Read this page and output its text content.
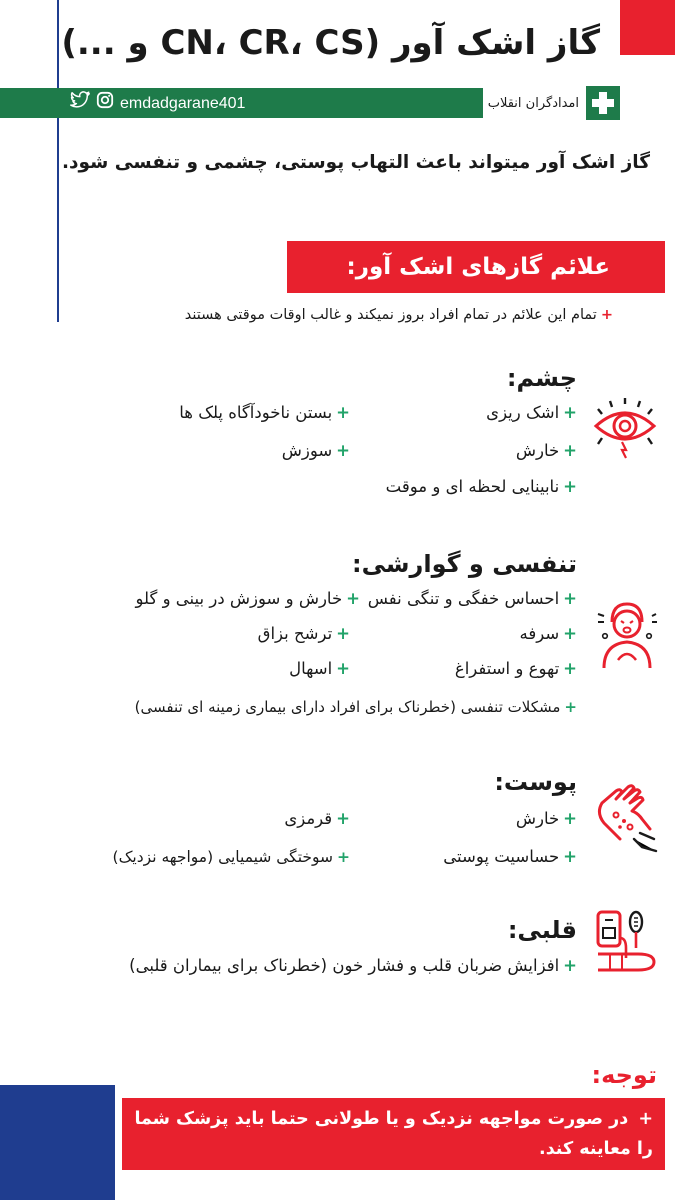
گاز اشک آور (CN، CR، CS و ...)
emdadgarane401	امدادگران انقلاب
گاز اشک آور میتواند باعث التهاب پوستی، چشمی و تنفسی شود.
علائم گازهای اشک آور:
+تمام این علائم در تمام افراد بروز نمیکند و غالب اوقات موقتی هستند
چشم:
+اشک ریزی
+بستن ناخودآگاه پلک ها
+خارش
+سوزش
+نابینایی لحظه ای و موقت
تنفسی و گوارشی:
+احساس خفگی و تنگی نفس
+خارش و سوزش در بینی و گلو
+سرفه
+ترشح بزاق
+تهوع و استفراغ
+اسهال
+مشکلات تنفسی (خطرناک برای افراد دارای بیماری زمینه ای تنفسی)
پوست:
+خارش
+قرمزی
+حساسیت پوستی
+سوختگی شیمیایی (مواجهه نزدیک)
قلبی:
+افزایش ضربان قلب و فشار خون (خطرناک برای بیماران قلبی)
توجه:
+ در صورت مواجهه نزدیک و یا طولانی حتما باید پزشک شما را معاینه کند.
